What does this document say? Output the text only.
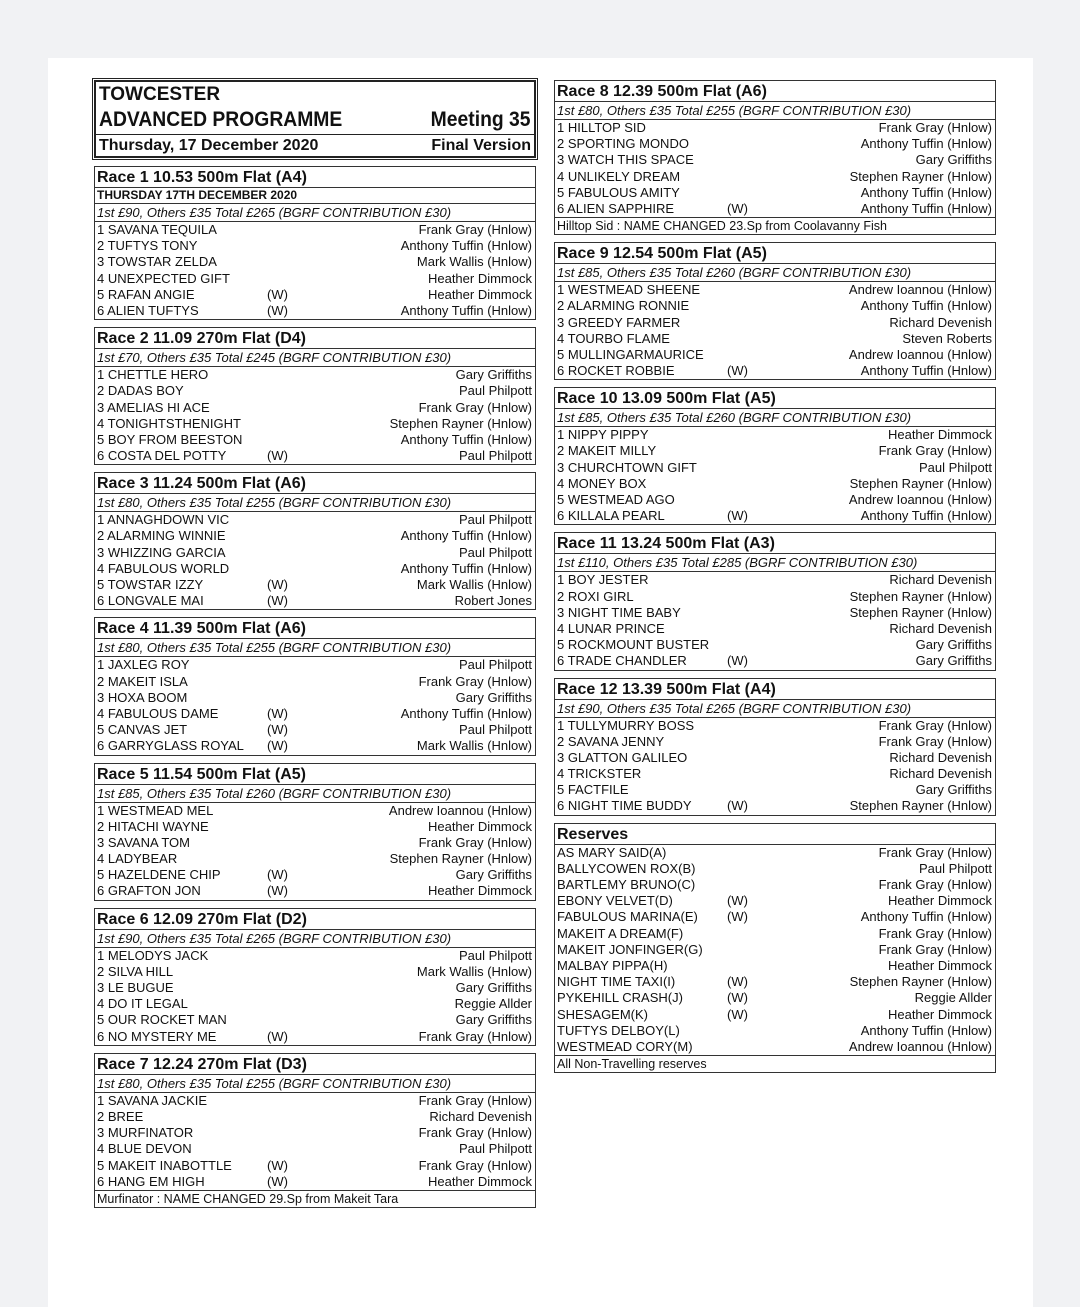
TOWCESTER
ADVANCED PROGRAMME	Meeting 35
Thursday, 17 December 2020	Final Version
Race 1 10.53 500m Flat (A4)
THURSDAY 17TH DECEMBER 2020
1st £90, Others £35 Total £265 (BGRF CONTRIBUTION £30)
1 SAVANA TEQUILA	Frank Gray (Hnlow)
2 TUFTYS TONY	Anthony Tuffin (Hnlow)
3 TOWSTAR ZELDA	Mark Wallis (Hnlow)
4 UNEXPECTED GIFT	Heather Dimmock
5 RAFAN ANGIE	(W)	Heather Dimmock
6 ALIEN TUFTYS	(W)	Anthony Tuffin (Hnlow)
Race 2 11.09 270m Flat (D4)
1st £70, Others £35 Total £245 (BGRF CONTRIBUTION £30)
1 CHETTLE HERO	Gary Griffiths
2 DADAS BOY	Paul Philpott
3 AMELIAS HI ACE	Frank Gray (Hnlow)
4 TONIGHTSTHENIGHT	Stephen Rayner (Hnlow)
5 BOY FROM BEESTON	Anthony Tuffin (Hnlow)
6 COSTA DEL POTTY	(W)	Paul Philpott
Race 3 11.24 500m Flat (A6)
1st £80, Others £35 Total £255 (BGRF CONTRIBUTION £30)
1 ANNAGHDOWN VIC	Paul Philpott
2 ALARMING WINNIE	Anthony Tuffin (Hnlow)
3 WHIZZING GARCIA	Paul Philpott
4 FABULOUS WORLD	Anthony Tuffin (Hnlow)
5 TOWSTAR IZZY	(W)	Mark Wallis (Hnlow)
6 LONGVALE MAI	(W)	Robert Jones
Race 4 11.39 500m Flat (A6)
1st £80, Others £35 Total £255 (BGRF CONTRIBUTION £30)
1 JAXLEG ROY	Paul Philpott
2 MAKEIT ISLA	Frank Gray (Hnlow)
3 HOXA BOOM	Gary Griffiths
4 FABULOUS DAME	(W)	Anthony Tuffin (Hnlow)
5 CANVAS JET	(W)	Paul Philpott
6 GARRYGLASS ROYAL (W)	Mark Wallis (Hnlow)
Race 5 11.54 500m Flat (A5)
1st £85, Others £35 Total £260 (BGRF CONTRIBUTION £30)
1 WESTMEAD MEL	Andrew Ioannou (Hnlow)
2 HITACHI WAYNE	Heather Dimmock
3 SAVANA TOM	Frank Gray (Hnlow)
4 LADYBEAR	Stephen Rayner (Hnlow)
5 HAZELDENE CHIP	(W)	Gary Griffiths
6 GRAFTON JON	(W)	Heather Dimmock
Race 6 12.09 270m Flat (D2)
1st £90, Others £35 Total £265 (BGRF CONTRIBUTION £30)
1 MELODYS JACK	Paul Philpott
2 SILVA HILL	Mark Wallis (Hnlow)
3 LE BUGUE	Gary Griffiths
4 DO IT LEGAL	Reggie Allder
5 OUR ROCKET MAN	Gary Griffiths
6 NO MYSTERY ME	(W)	Frank Gray (Hnlow)
Race 7 12.24 270m Flat (D3)
1st £80, Others £35 Total £255 (BGRF CONTRIBUTION £30)
1 SAVANA JACKIE	Frank Gray (Hnlow)
2 BREE	Richard Devenish
3 MURFINATOR	Frank Gray (Hnlow)
4 BLUE DEVON	Paul Philpott
5 MAKEIT INABOTTLE	(W)	Frank Gray (Hnlow)
6 HANG EM HIGH	(W)	Heather Dimmock
Murfinator : NAME CHANGED 29.Sp from Makeit Tara
Race 8 12.39 500m Flat (A6)
1st £80, Others £35 Total £255 (BGRF CONTRIBUTION £30)
1 HILLTOP SID	Frank Gray (Hnlow)
2 SPORTING MONDO	Anthony Tuffin (Hnlow)
3 WATCH THIS SPACE	Gary Griffiths
4 UNLIKELY DREAM	Stephen Rayner (Hnlow)
5 FABULOUS AMITY	Anthony Tuffin (Hnlow)
6 ALIEN SAPPHIRE	(W)	Anthony Tuffin (Hnlow)
Hilltop Sid : NAME CHANGED 23.Sp from Coolavanny Fish
Race 9 12.54 500m Flat (A5)
1st £85, Others £35 Total £260 (BGRF CONTRIBUTION £30)
1 WESTMEAD SHEENE	Andrew Ioannou (Hnlow)
2 ALARMING RONNIE	Anthony Tuffin (Hnlow)
3 GREEDY FARMER	Richard Devenish
4 TOURBO FLAME	Steven Roberts
5 MULLINGARMAURICE	Andrew Ioannou (Hnlow)
6 ROCKET ROBBIE	(W)	Anthony Tuffin (Hnlow)
Race 10 13.09 500m Flat (A5)
1st £85, Others £35 Total £260 (BGRF CONTRIBUTION £30)
1 NIPPY PIPPY	Heather Dimmock
2 MAKEIT MILLY	Frank Gray (Hnlow)
3 CHURCHTOWN GIFT	Paul Philpott
4 MONEY BOX	Stephen Rayner (Hnlow)
5 WESTMEAD AGO	Andrew Ioannou (Hnlow)
6 KILLALA PEARL	(W)	Anthony Tuffin (Hnlow)
Race 11 13.24 500m Flat (A3)
1st £110, Others £35 Total £285 (BGRF CONTRIBUTION £30)
1 BOY JESTER	Richard Devenish
2 ROXI GIRL	Stephen Rayner (Hnlow)
3 NIGHT TIME BABY	Stephen Rayner (Hnlow)
4 LUNAR PRINCE	Richard Devenish
5 ROCKMOUNT BUSTER	Gary Griffiths
6 TRADE CHANDLER	(W)	Gary Griffiths
Race 12 13.39 500m Flat (A4)
1st £90, Others £35 Total £265 (BGRF CONTRIBUTION £30)
1 TULLYMURRY BOSS	Frank Gray (Hnlow)
2 SAVANA JENNY	Frank Gray (Hnlow)
3 GLATTON GALILEO	Richard Devenish
4 TRICKSTER	Richard Devenish
5 FACTFILE	Gary Griffiths
6 NIGHT TIME BUDDY	(W)	Stephen Rayner (Hnlow)
Reserves
AS MARY SAID(A)	Frank Gray (Hnlow)
BALLYCOWEN ROX(B)	Paul Philpott
BARTLEMY BRUNO(C)	Frank Gray (Hnlow)
EBONY VELVET(D)	(W)	Heather Dimmock
FABULOUS MARINA(E) (W)	Anthony Tuffin (Hnlow)
MAKEIT A DREAM(F)	Frank Gray (Hnlow)
MAKEIT JONFINGER(G)	Frank Gray (Hnlow)
MALBAY PIPPA(H)	Heather Dimmock
NIGHT TIME TAXI(I)	(W)	Stephen Rayner (Hnlow)
PYKEHILL CRASH(J)	(W)	Reggie Allder
SHESAGEM(K)	(W)	Heather Dimmock
TUFTYS DELBOY(L)	Anthony Tuffin (Hnlow)
WESTMEAD CORY(M)	Andrew Ioannou (Hnlow)
All Non-Travelling reserves
